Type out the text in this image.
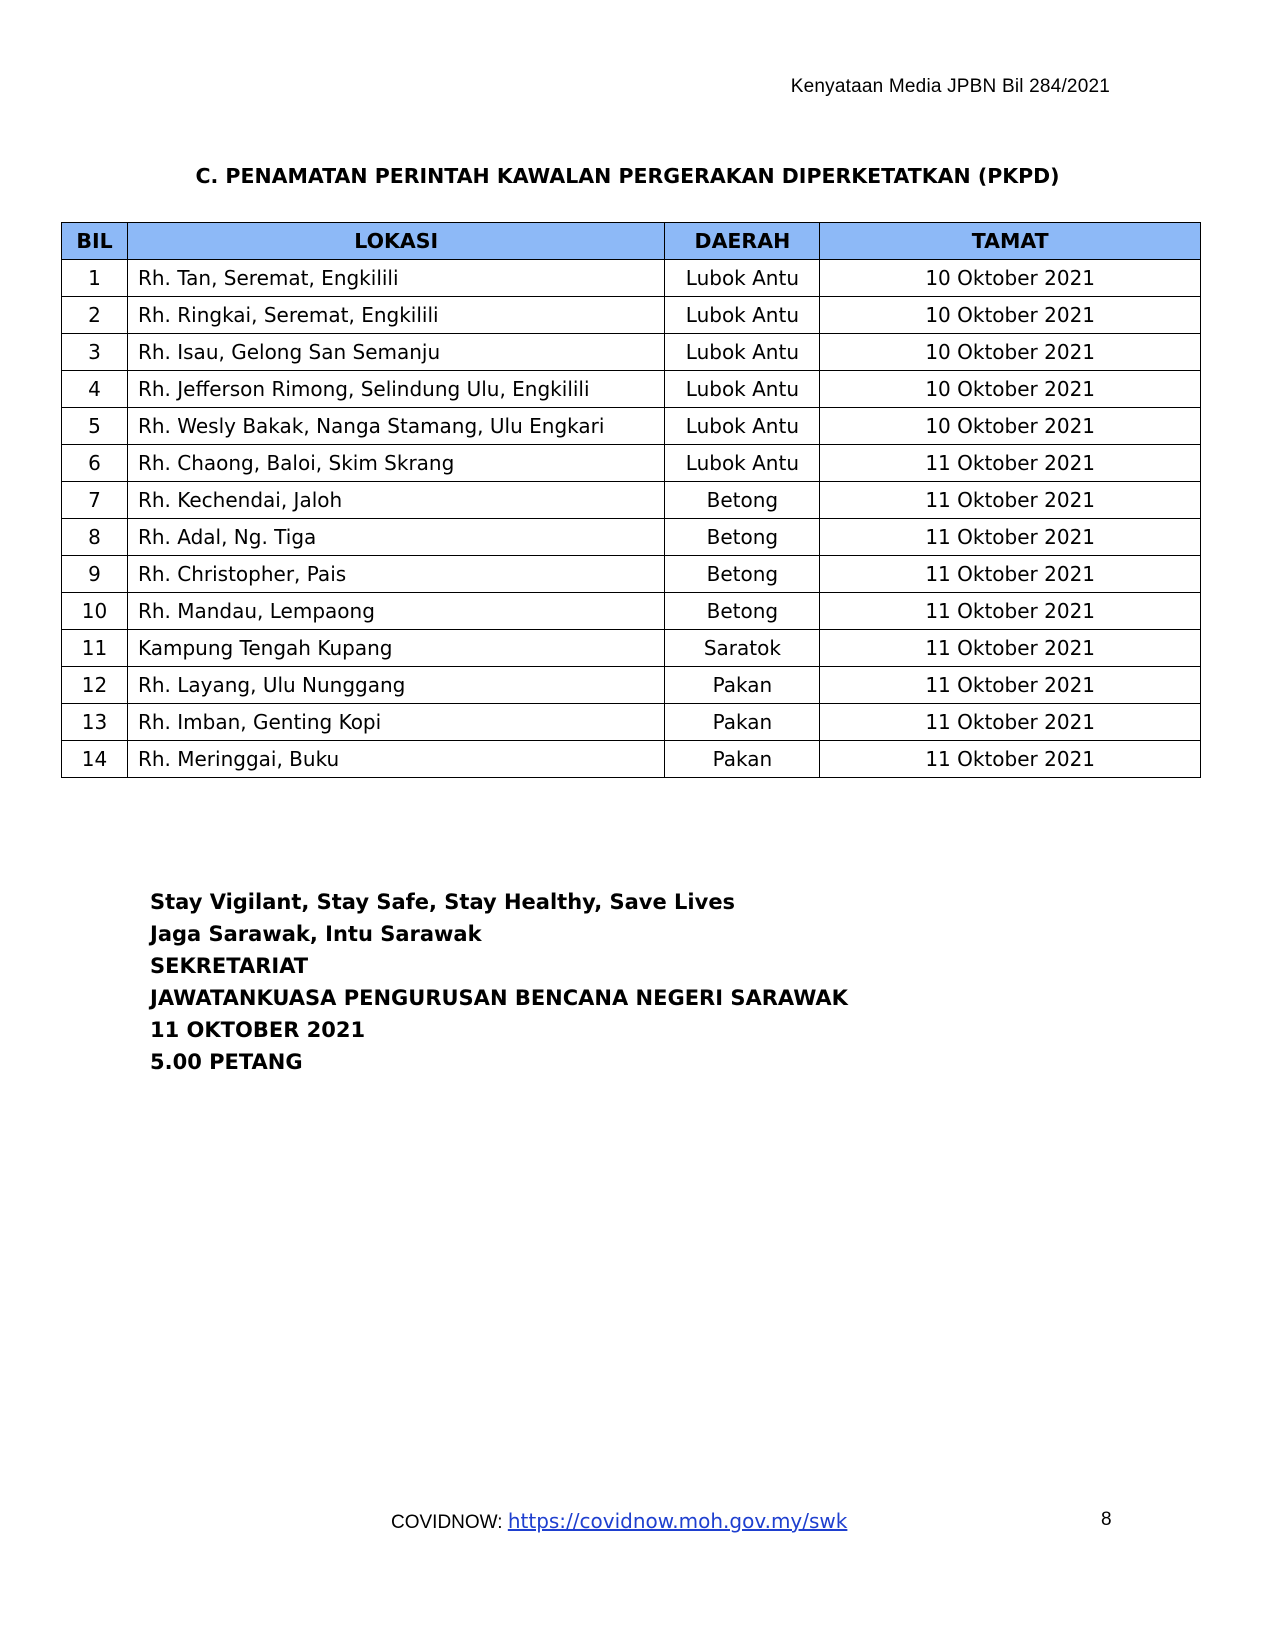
Kenyataan Media JPBN Bil 284/2021
C. PENAMATAN PERINTAH KAWALAN PERGERAKAN DIPERKETATKAN (PKPD)
BIL	LOKASI	DAERAH	TAMAT
1	Rh. Tan, Seremat, Engkilili	Lubok Antu	10 Oktober 2021
2	Rh. Ringkai, Seremat, Engkilili	Lubok Antu	10 Oktober 2021
3	Rh. Isau, Gelong San Semanju	Lubok Antu	10 Oktober 2021
4	Rh. Jefferson Rimong, Selindung Ulu, Engkilili	Lubok Antu	10 Oktober 2021
5	Rh. Wesly Bakak, Nanga Stamang, Ulu Engkari	Lubok Antu	10 Oktober 2021
6	Rh. Chaong, Baloi, Skim Skrang	Lubok Antu	11 Oktober 2021
7	Rh. Kechendai, Jaloh	Betong	11 Oktober 2021
8	Rh. Adal, Ng. Tiga	Betong	11 Oktober 2021
9	Rh. Christopher, Pais	Betong	11 Oktober 2021
10	Rh. Mandau, Lempaong	Betong	11 Oktober 2021
11	Kampung Tengah Kupang	Saratok	11 Oktober 2021
12	Rh. Layang, Ulu Nunggang	Pakan	11 Oktober 2021
13	Rh. Imban, Genting Kopi	Pakan	11 Oktober 2021
14	Rh. Meringgai, Buku	Pakan	11 Oktober 2021
Stay Vigilant, Stay Safe, Stay Healthy, Save Lives
Jaga Sarawak, Intu Sarawak
SEKRETARIAT
JAWATANKUASA PENGURUSAN BENCANA NEGERI SARAWAK
11 OKTOBER 2021
5.00 PETANG
COVIDNOW: https://covidnow.moh.gov.my/swk	8
